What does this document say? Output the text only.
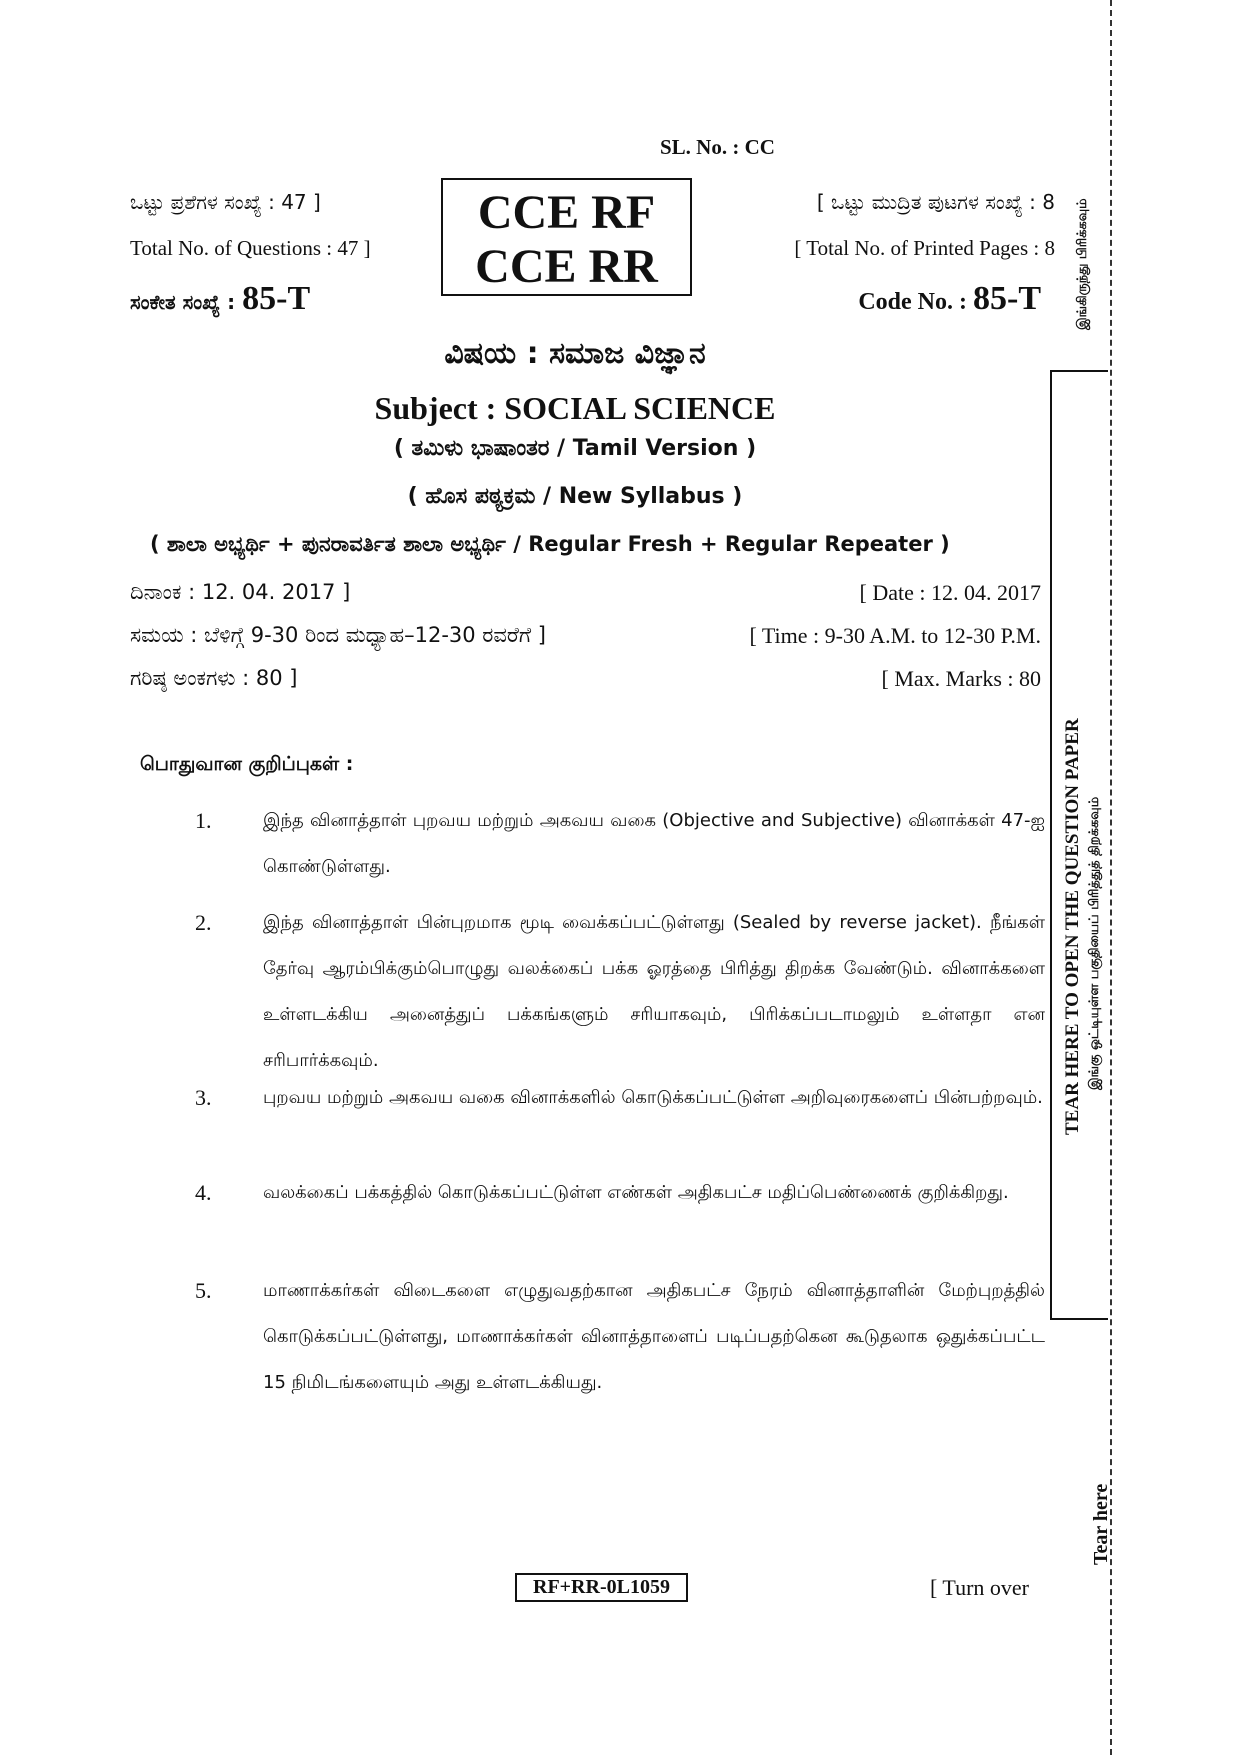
SL. No. : CC
ಒಟ್ಟು ಪ್ರಶೆಗಳ ಸಂಖ್ಯೆ : 47 ]
Total No. of Questions : 47 ]
ಸಂಕೇತ ಸಂಖ್ಯೆ : 85-T
CCE RF
CCE RR
[ ಒಟ್ಟು ಮುದ್ರಿತ ಪುಟಗಳ ಸಂಖ್ಯೆ : 8
[ Total No. of Printed Pages : 8
Code No. : 85-T
ವಿಷಯ : ಸಮಾಜ ವಿಜ್ಞಾನ
Subject : SOCIAL SCIENCE
( ತಮಿಳು ಭಾಷಾಂತರ / Tamil Version )
( ಹೊಸ ಪಠ್ಯಕ್ರಮ / New Syllabus )
( ಶಾಲಾ ಅಭ್ಯರ್ಥಿ + ಪುನರಾವರ್ತಿತ ಶಾಲಾ ಅಭ್ಯರ್ಥಿ / Regular Fresh + Regular Repeater )
ದಿನಾಂಕ : 12. 04. 2017 ]	[ Date : 12. 04. 2017
ಸಮಯ : ಬೆಳಿಗ್ಗೆ 9-30 ರಿಂದ ಮಧ್ಯಾಹ–12-30 ರವರೆಗೆ ]	[ Time : 9-30 A.M. to 12-30 P.M.
ಗರಿಷ್ಠ ಅಂಕಗಳು : 80 ]	[ Max. Marks : 80
பொதுவான குறிப்புகள் :
1.	இந்த வினாத்தாள் புறவய மற்றும் அகவய வகை (Objective and Subjective) வினாக்கள் 47-ஐ கொண்டுள்ளது.
2.	இந்த வினாத்தாள் பின்புறமாக மூடி வைக்கப்பட்டுள்ளது (Sealed by reverse jacket). நீங்கள் தேர்வு ஆரம்பிக்கும்பொழுது வலக்கைப் பக்க ஓரத்தை பிரித்து திறக்க வேண்டும். வினாக்களை உள்ளடக்கிய அனைத்துப் பக்கங்களும் சரியாகவும், பிரிக்கப்படாமலும் உள்ளதா என சரிபார்க்கவும்.
3.	புறவய மற்றும் அகவய வகை வினாக்களில் கொடுக்கப்பட்டுள்ள அறிவுரைகளைப் பின்பற்றவும்.
4.	வலக்கைப் பக்கத்தில் கொடுக்கப்பட்டுள்ள எண்கள் அதிகபட்ச மதிப்பெண்ணைக் குறிக்கிறது.
5.	மாணாக்கர்கள் விடைகளை எழுதுவதற்கான அதிகபட்ச நேரம் வினாத்தாளின் மேற்புறத்தில் கொடுக்கப்பட்டுள்ளது, மாணாக்கர்கள் வினாத்தாளைப் படிப்பதற்கென கூடுதலாக ஒதுக்கப்பட்ட 15 நிமிடங்களையும் அது உள்ளடக்கியது.
RF+RR-0L1059	[ Turn over
இங்கிருந்து பிரிக்கவும்
TEAR HERE TO OPEN THE QUESTION PAPER இங்கு ஒட்டியுள்ள பகுதியைப் பிரித்துத் திறக்கவும்
Tear here
